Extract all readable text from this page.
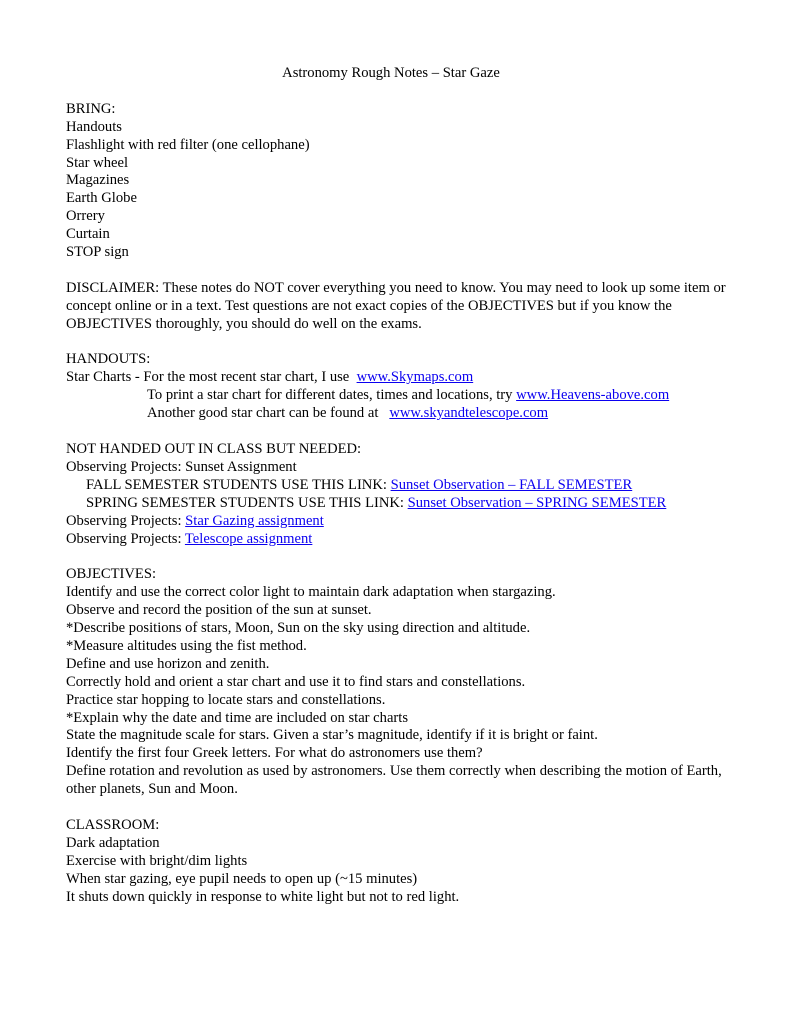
Astronomy Rough Notes – Star Gaze
BRING:
Handouts
Flashlight with red filter (one cellophane)
Star wheel
Magazines
Earth Globe
Orrery
Curtain
STOP sign
DISCLAIMER: These notes do NOT cover everything you need to know. You may need to look up some item or concept online or in a text. Test questions are not exact copies of the OBJECTIVES but if you know the OBJECTIVES thoroughly, you should do well on the exams.
HANDOUTS:
Star Charts - For the most recent star chart, I use  www.Skymaps.com
To print a star chart for different dates, times and locations, try www.Heavens-above.com
Another good star chart can be found at   www.skyandtelescope.com
NOT HANDED OUT IN CLASS BUT NEEDED:
Observing Projects: Sunset Assignment
FALL SEMESTER STUDENTS USE THIS LINK: Sunset Observation – FALL SEMESTER
SPRING SEMESTER STUDENTS USE THIS LINK: Sunset Observation – SPRING SEMESTER
Observing Projects: Star Gazing assignment
Observing Projects: Telescope assignment
OBJECTIVES:
Identify and use the correct color light to maintain dark adaptation when stargazing.
Observe and record the position of the sun at sunset.
*Describe positions of stars, Moon, Sun on the sky using direction and altitude.
*Measure altitudes using the fist method.
Define and use horizon and zenith.
Correctly hold and orient a star chart and use it to find stars and constellations.
Practice star hopping to locate stars and constellations.
*Explain why the date and time are included on star charts
State the magnitude scale for stars. Given a star’s magnitude, identify if it is bright or faint.
Identify the first four Greek letters. For what do astronomers use them?
Define rotation and revolution as used by astronomers. Use them correctly when describing the motion of Earth, other planets, Sun and Moon.
CLASSROOM:
Dark adaptation
Exercise with bright/dim lights
When star gazing, eye pupil needs to open up (~15 minutes)
It shuts down quickly in response to white light but not to red light.
